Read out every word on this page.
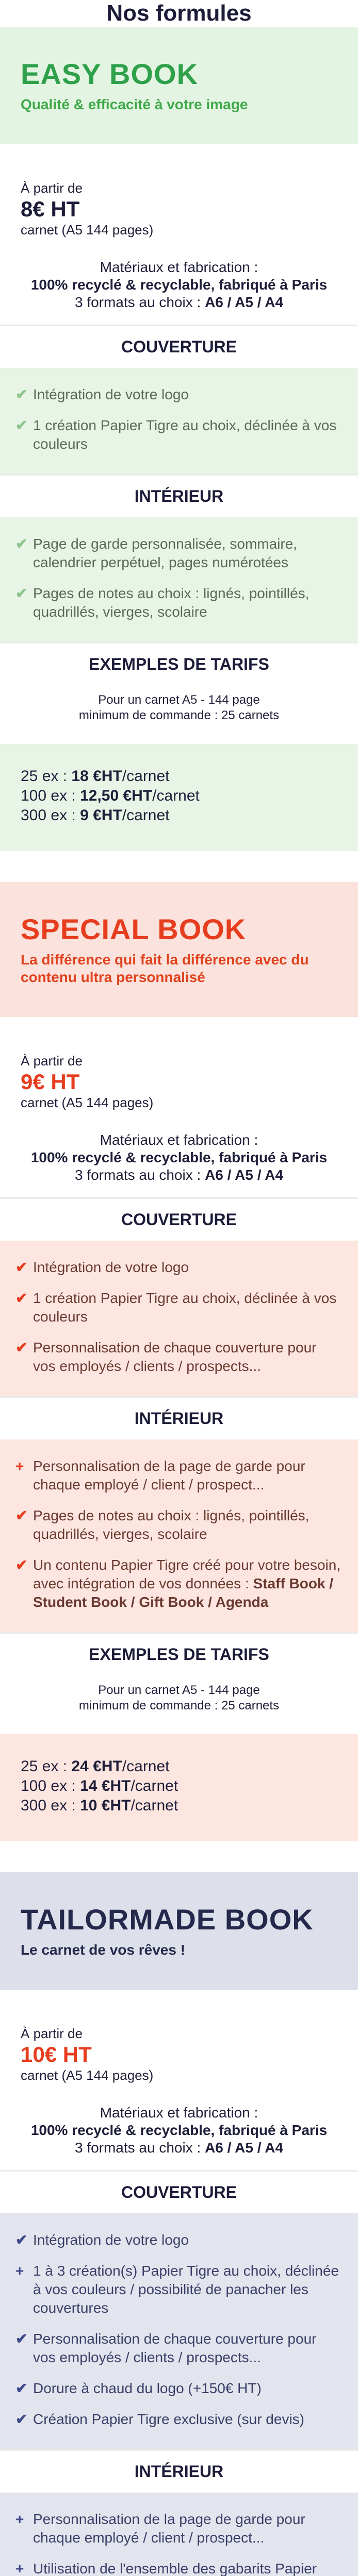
Nos formules
EASY BOOK
Qualité & efficacité à votre image
À partir de
8€ HT
carnet (A5 144 pages)
Matériaux et fabrication :
100% recyclé & recyclable, fabriqué à Paris
3 formats au choix : A6 / A5 / A4
COUVERTURE
✔ Intégration de votre logo
✔ 1 création Papier Tigre au choix, déclinée à vos couleurs
INTÉRIEUR
✔ Page de garde personnalisée, sommaire, calendrier perpétuel, pages numérotées
✔ Pages de notes au choix : lignés, pointillés, quadrillés, vierges, scolaire
EXEMPLES DE TARIFS
Pour un carnet A5 - 144 page
minimum de commande : 25 carnets
25 ex : 18 €HT/carnet
100 ex : 12,50 €HT/carnet
300 ex : 9 €HT/carnet
SPECIAL BOOK
La différence qui fait la différence avec du contenu ultra personnalisé
À partir de
9€ HT
carnet (A5 144 pages)
Matériaux et fabrication :
100% recyclé & recyclable, fabriqué à Paris
3 formats au choix : A6 / A5 / A4
COUVERTURE
✔ Intégration de votre logo
✔ 1 création Papier Tigre au choix, déclinée à vos couleurs
✔ Personnalisation de chaque couverture pour vos employés / clients / prospects...
INTÉRIEUR
+ Personnalisation de la page de garde pour chaque employé / client / prospect...
✔ Pages de notes au choix : lignés, pointillés, quadrillés, vierges, scolaire
✔ Un contenu Papier Tigre créé pour votre besoin, avec intégration de vos données : Staff Book / Student Book / Gift Book / Agenda
EXEMPLES DE TARIFS
Pour un carnet A5 - 144 page
minimum de commande : 25 carnets
25 ex : 24 €HT/carnet
100 ex : 14 €HT/carnet
300 ex : 10 €HT/carnet
TAILORMADE BOOK
Le carnet de vos rêves !
À partir de
10€ HT
carnet (A5 144 pages)
Matériaux et fabrication :
100% recyclé & recyclable, fabriqué à Paris
3 formats au choix : A6 / A5 / A4
COUVERTURE
✔ Intégration de votre logo
+ 1 à 3 création(s) Papier Tigre au choix, déclinée à vos couleurs / possibilité de panacher les couvertures
✔ Personnalisation de chaque couverture pour vos employés / clients / prospects...
✔ Dorure à chaud du logo (+150€ HT)
✔ Création Papier Tigre exclusive (sur devis)
INTÉRIEUR
+ Personnalisation de la page de garde pour chaque employé / client / prospect...
+ Utilisation de l'ensemble des gabarits Papier
